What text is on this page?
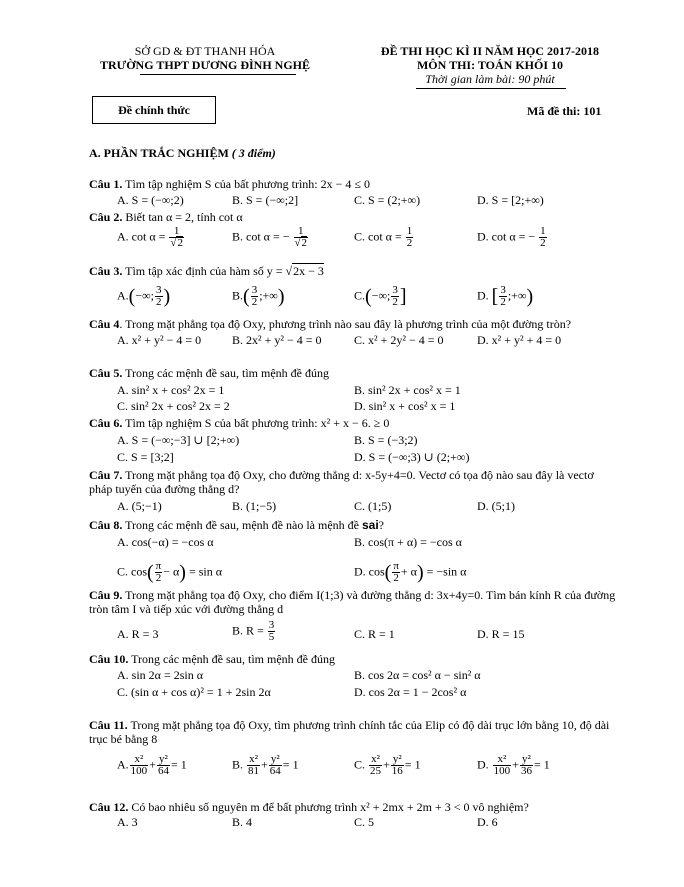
SỞ GD & ĐT THANH HÓA
TRƯỜNG THPT DƯƠNG ĐÌNH NGHỆ
ĐỀ THI HỌC KÌ II NĂM HỌC 2017-2018
MÔN THI: TOÁN KHỐI 10
Thời gian làm bài: 90 phút
Đề chính thức	Mã đề thi: 101
A. PHẦN TRẮC NGHIỆM ( 3 điểm)
Câu 1. Tìm tập nghiệm S của bất phương trình: 2x − 4 ≤ 0
A. S = (−∞;2)	B. S = (−∞;2]	C. S = (2;+∞)	D. S = [2;+∞)
Câu 2. Biết tan α = 2, tính cot α
A. $\cot \alpha = \frac{1}{√2}$	B. cot α = − $\frac{1}{√2}$	C. $\cot \alpha = \frac{1}{2}$	D. cot α = − $\frac{1}{2}$
Câu 3. Tìm tập xác định của hàm số y = √2x − 3
A.(−∞; $\frac{3}{2}$ )	$B.( \frac{3}{2}$ ;+∞)	C.(−∞; $\frac{3}{2}$ ]	D. [ $\frac{3}{2}$ ;+∞)
Câu 4. Trong mặt phẳng tọa độ Oxy, phương trình nào sau đây là phương trình của một đường tròn?
A. x² + y² − 4 = 0	B. 2x² + y² − 4 = 0	C. x² + 2y² − 4 = 0	D. x² + y² + 4 = 0
Câu 5. Trong các mệnh đề sau, tìm mệnh đề đúng
A. sin² x + cos² 2x = 1	B. sin² 2x + cos² x = 1
C. sin² 2x + cos² 2x = 2	D. sin² x + cos² x = 1
Câu 6. Tìm tập nghiệm S của bất phương trình: x² + x − 6. ≥ 0
A. S = (−∞;−3] ∪ [2;+∞)	B. S = (−3;2)
C. S = [3;2]	D. S = (−∞;3) ∪ (2;+∞)
Câu 7. Trong mặt phẳng tọa độ Oxy, cho đường thẳng d: x-5y+4=0. Vectơ có tọa độ nào sau đây là vectơ pháp tuyến của đường thẳng d?
A. (5;−1)	B. (1;−5)	C. (1;5)	D. (5;1)
Câu 8. Trong các mệnh đề sau, mệnh đề nào là mệnh đề sai?
A. cos(−α) = −cos α	B. cos(π + α) = −cos α
C. $\cos( \frac{\pi}{2} - \alpha) = \sin \alpha$	D. $\cos( \frac{\pi}{2} + \alpha) = -\sin$ α
Câu 9. Trong mặt phẳng tọa độ Oxy, cho điểm I(1;3) và đường thẳng d: 3x+4y=0. Tìm bán kính R của đường tròn tâm I và tiếp xúc với đường thẳng d
A. R = 3	B. $R = \frac{3}{5}$	C. R = 1	D. R = 15
Câu 10. Trong các mệnh đề sau, tìm mệnh đề đúng
A. sin 2α = 2sin α	B. cos 2α = cos² α − sin² α
C. (sin α + cos α)² = 1 + 2sin 2α	D. cos 2α = 1 − 2cos² α
Câu 11. Trong mặt phẳng tọa độ Oxy, tìm phương trình chính tắc của Elip có độ dài trục lớn bằng 10, độ dài trục bé bằng 8
A. $\frac{\text{x²}}{100} + \frac{\text{y²}}{64} = 1$	B. $\frac{\text{x²}}{81} + \frac{\text{y²}}{64} = 1$	C. $\frac{\text{x²}}{25} + \frac{\text{y²}}{16} = 1$	D. $\frac{\text{x²}}{100} + \frac{\text{y²}}{36} = 1$
Câu 12. Có bao nhiêu số nguyên m để bất phương trình x² + 2mx + 2m + 3 < 0 vô nghiệm?
A. 3	B. 4	C. 5	D. 6
